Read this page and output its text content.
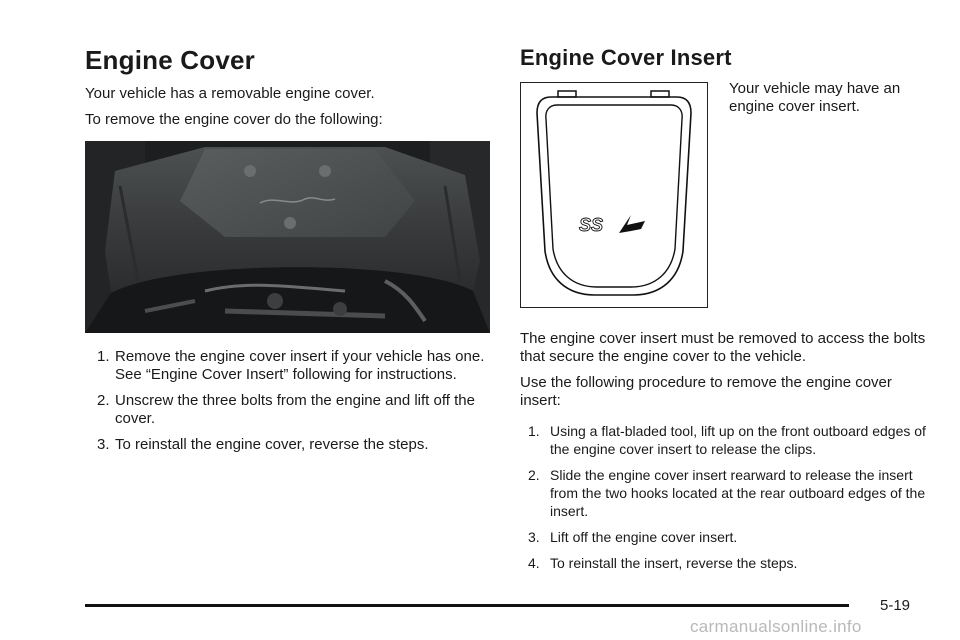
Engine Cover

Your vehicle has a removable engine cover.

To remove the engine cover do the following:

1. Remove the engine cover insert if your vehicle has one. See “Engine Cover Insert” following for instructions.
2. Unscrew the three bolts from the engine and lift off the cover.
3. To reinstall the engine cover, reverse the steps.
Engine Cover Insert
SS

Your vehicle may have an engine cover insert.

The engine cover insert must be removed to access the bolts that secure the engine cover to the vehicle.

Use the following procedure to remove the engine cover insert:

1. Using a flat-bladed tool, lift up on the front outboard edges of the engine cover insert to release the clips.
2. Slide the engine cover insert rearward to release the insert from the two hooks located at the rear outboard edges of the insert.
3. Lift off the engine cover insert.
4. To reinstall the insert, reverse the steps.
5-19
carmanualsonline.info
